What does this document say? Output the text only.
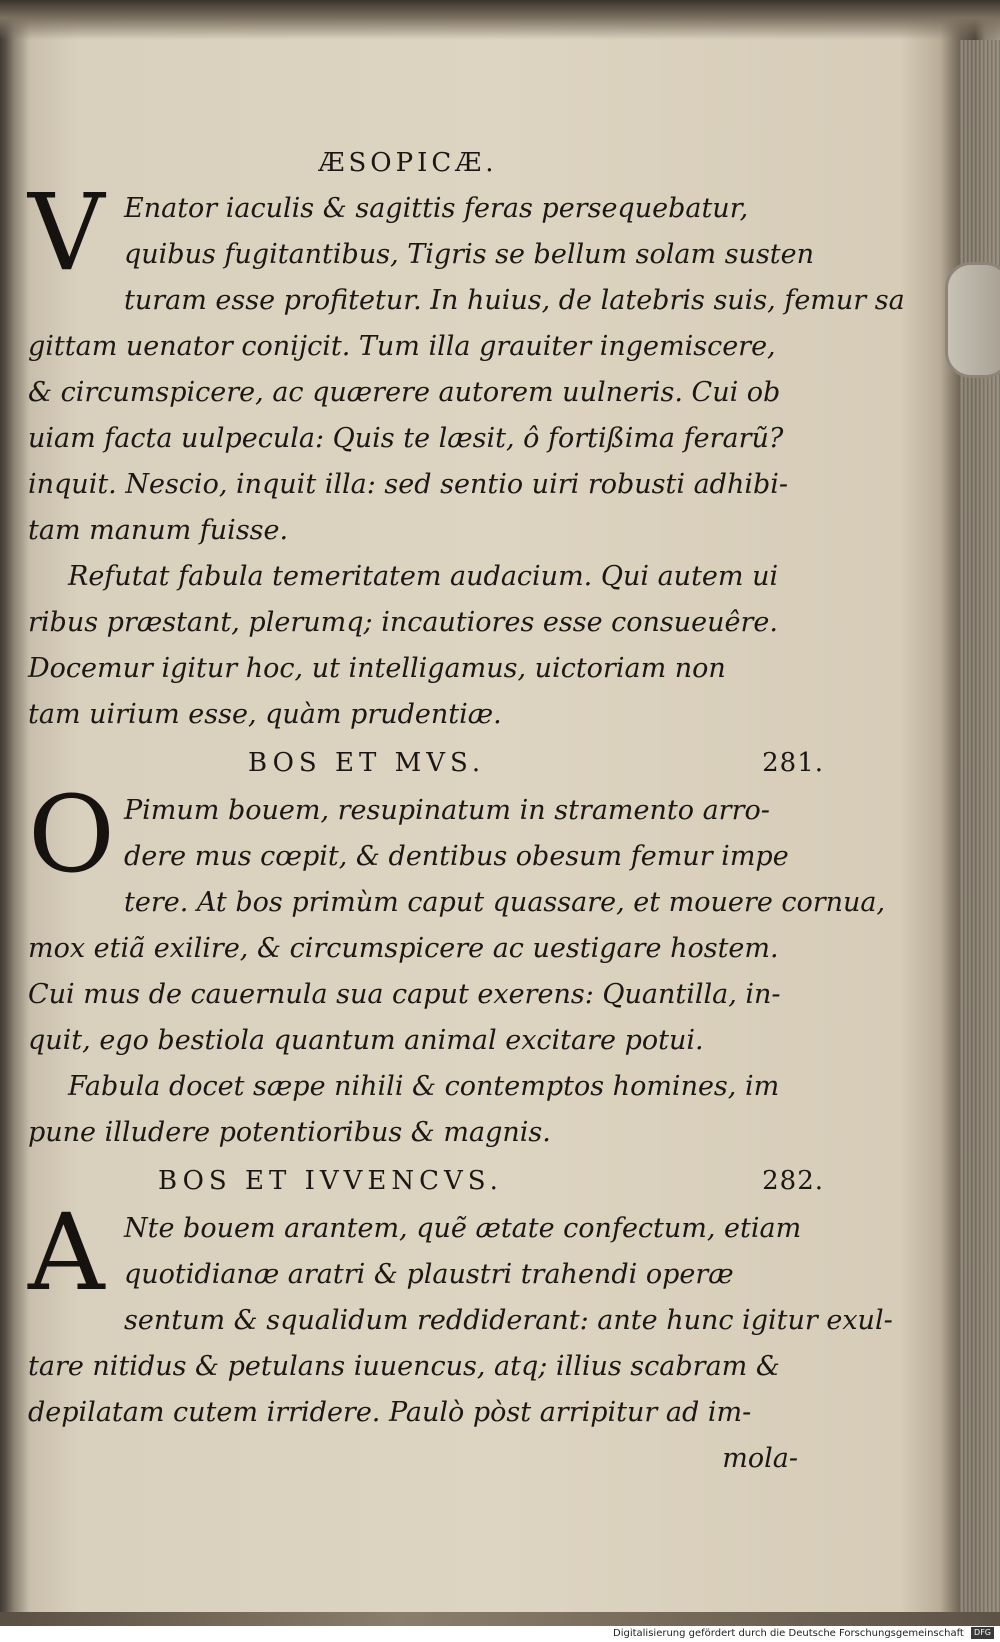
ÆSOPICÆ.
V Enator iaculis & sagittis feras persequebatur,
quibus fugitantibus, Tigris se bellum solam susten
turam esse profitetur. In huius, de latebris suis, femur sa
gittam uenator conijcit. Tum illa grauiter ingemiscere,
& circumspicere, ac quærere autorem uulneris. Cui ob
uiam facta uulpecula: Quis te læsit, ô fortißima ferarũ?
inquit. Nescio, inquit illa: sed sentio uiri robusti adhibi-
tam manum fuisse.
Refutat fabula temeritatem audacium. Qui autem ui
ribus præstant, plerumq; incautiores esse consueuêre.
Docemur igitur hoc, ut intelligamus, uictoriam non
tam uirium esse, quàm prudentiæ.
BOS ET MVS.	281.
O Pimum bouem, resupinatum in stramento arro-
dere mus cœpit, & dentibus obesum femur impe
tere. At bos primùm caput quassare, et mouere cornua,
mox etiã exilire, & circumspicere ac uestigare hostem.
Cui mus de cauernula sua caput exerens: Quantilla, in-
quit, ego bestiola quantum animal excitare potui.
Fabula docet sæpe nihili & contemptos homines, im
pune illudere potentioribus & magnis.
BOS ET IVVENCVS.	282.
A Nte bouem arantem, quẽ ætate confectum, etiam
quotidianæ aratri & plaustri trahendi operæ
sentum & squalidum reddiderant: ante hunc igitur exul-
tare nitidus & petulans iuuencus, atq; illius scabram &
depilatam cutem irridere. Paulò pòst arripitur ad im-
mola-
Digitalisierung gefördert durch die Deutsche Forschungsgemeinschaft DFG
